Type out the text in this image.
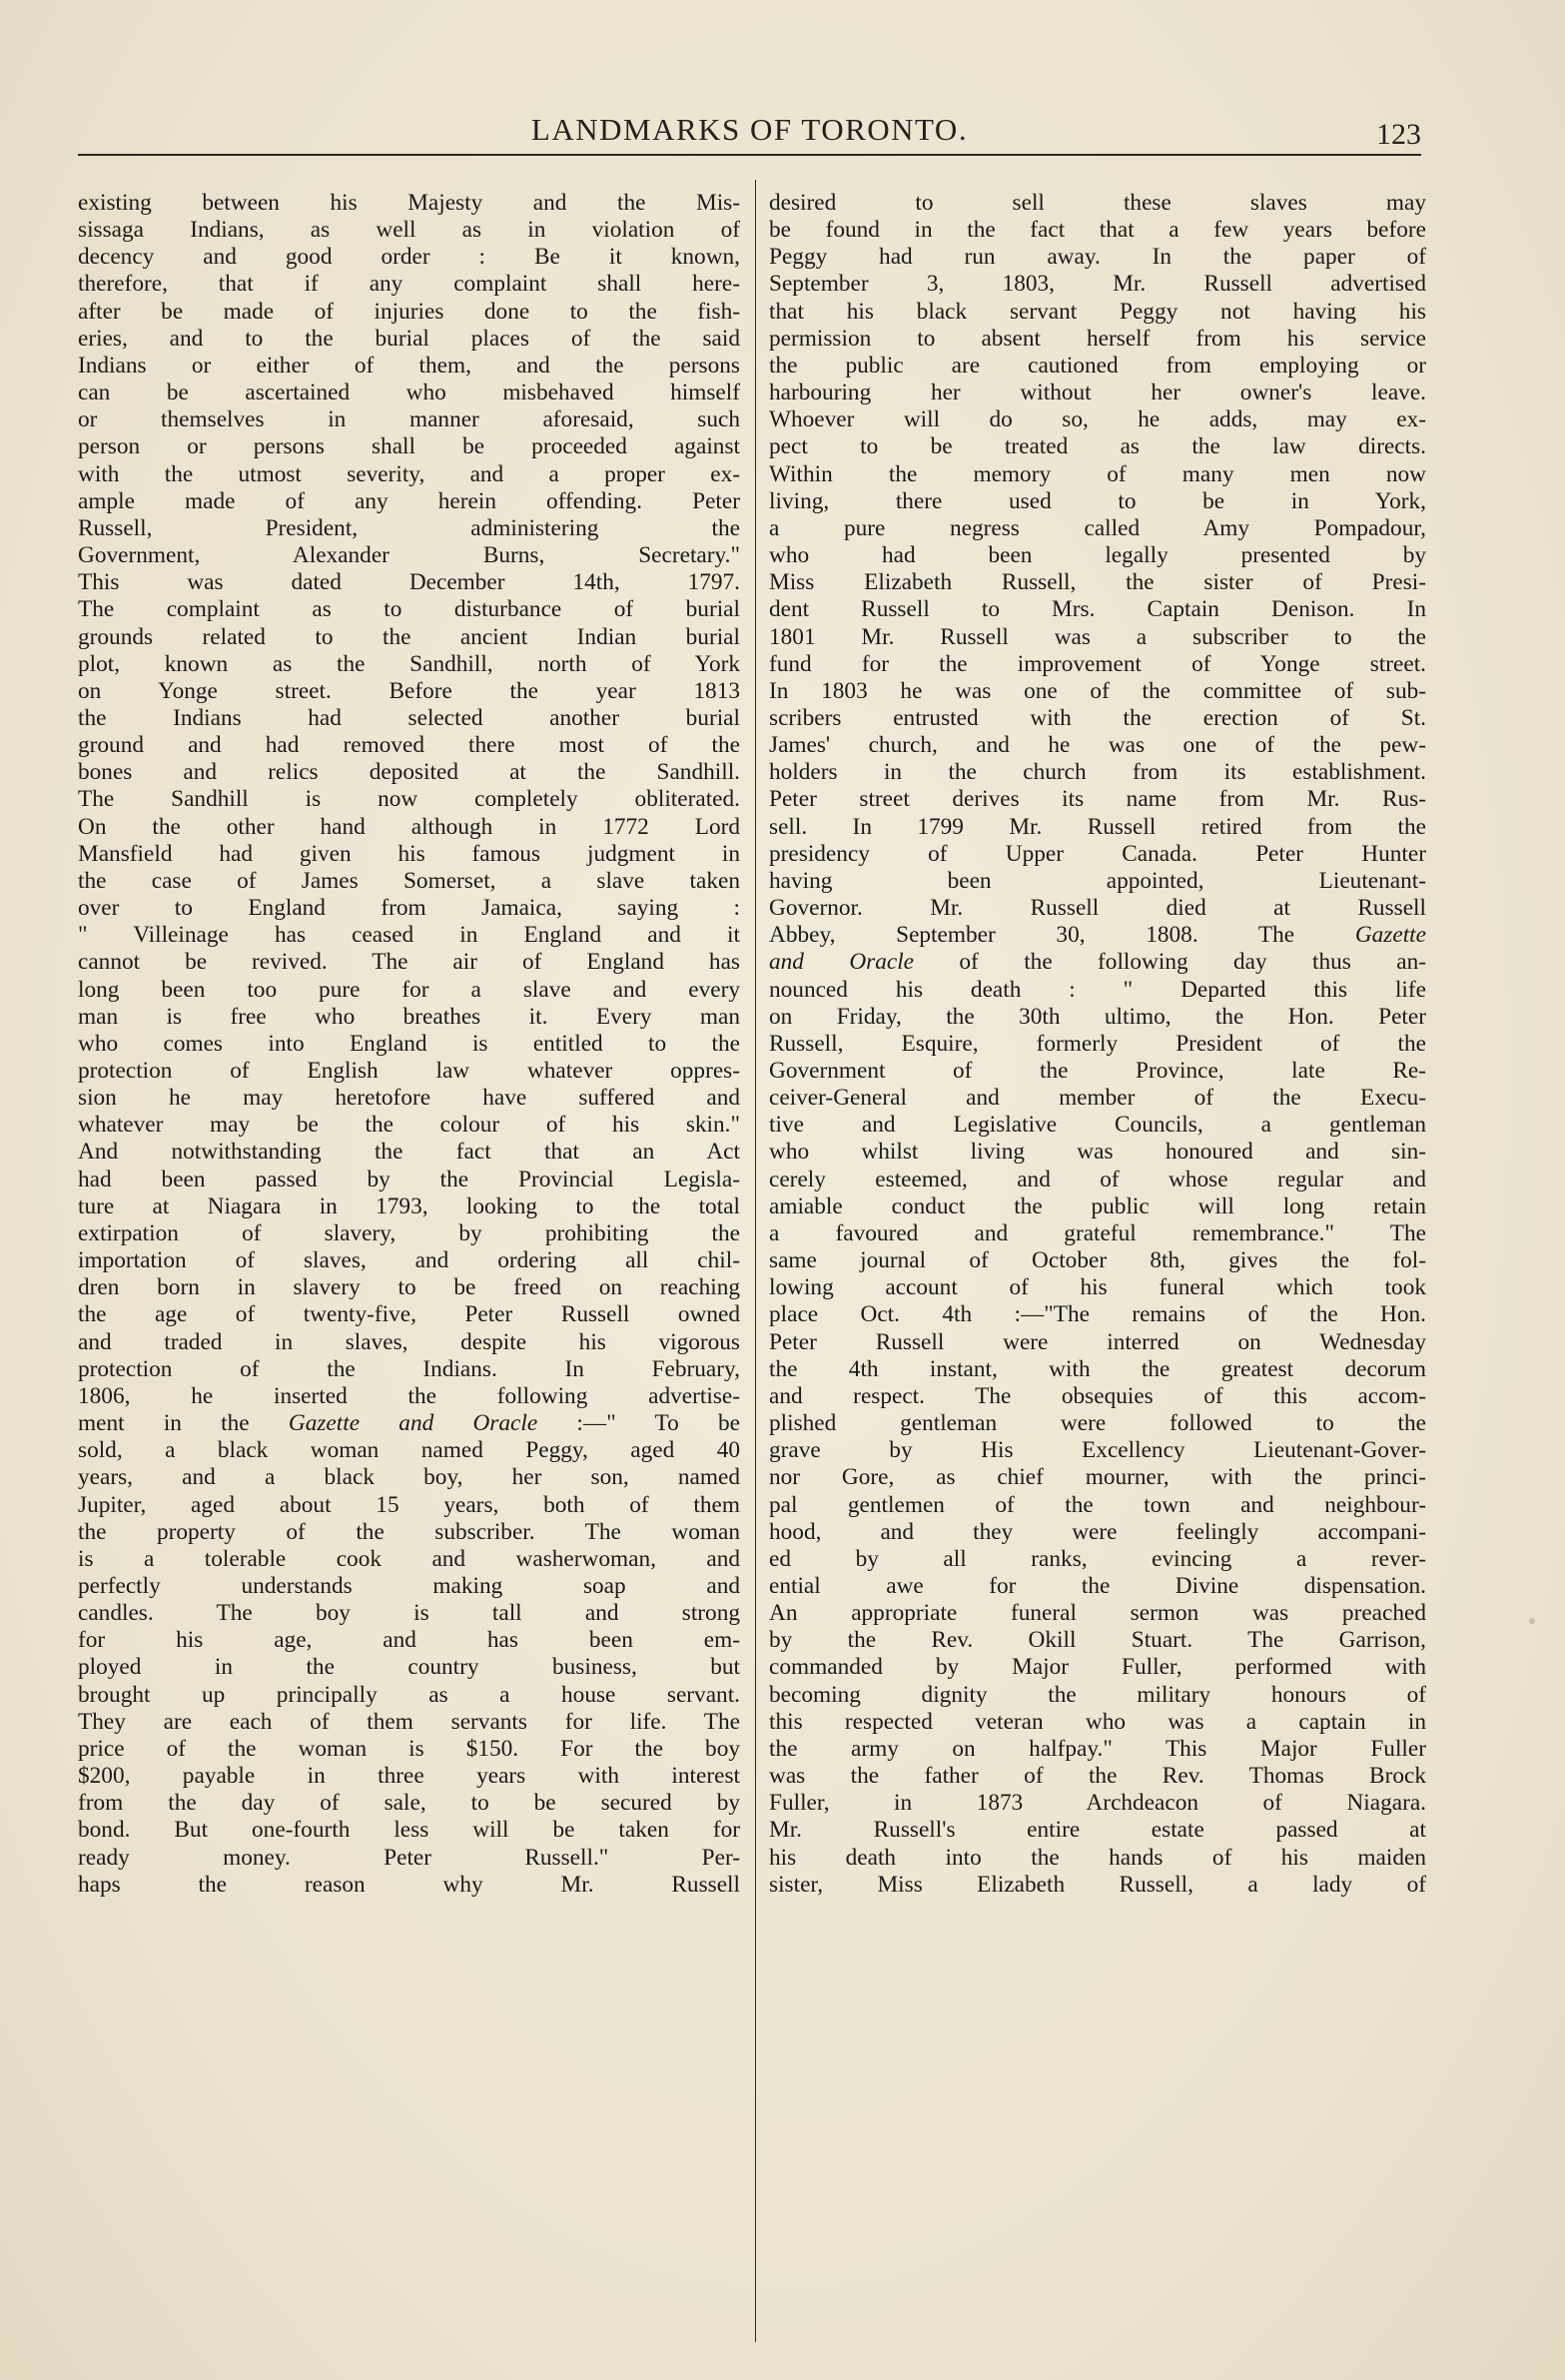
LANDMARKS OF TORONTO.	123
existing between his Majesty and the Mis-
sissaga Indians, as well as in violation of
decency and good order : Be it known,
therefore, that if any complaint shall here-
after be made of injuries done to the fish-
eries, and to the burial places of the said
Indians or either of them, and the persons
can be ascertained who misbehaved himself
or themselves in manner aforesaid, such
person or persons shall be proceeded against
with the utmost severity, and a proper ex-
ample made of any herein offending. Peter
Russell, President, administering the
Government, Alexander Burns, Secretary."
This was dated December 14th, 1797.
The complaint as to disturbance of burial
grounds related to the ancient Indian burial
plot, known as the Sandhill, north of York
on Yonge street. Before the year 1813
the Indians had selected another burial
ground and had removed there most of the
bones and relics deposited at the Sandhill.
The Sandhill is now completely obliterated.
On the other hand although in 1772 Lord
Mansfield had given his famous judgment in
the case of James Somerset, a slave taken
over to England from Jamaica, saying :
" Villeinage has ceased in England and it
cannot be revived. The air of England has
long been too pure for a slave and every
man is free who breathes it. Every man
who comes into England is entitled to the
protection of English law whatever oppres-
sion he may heretofore have suffered and
whatever may be the colour of his skin."
And notwithstanding the fact that an Act
had been passed by the Provincial Legisla-
ture at Niagara in 1793, looking to the total
extirpation of slavery, by prohibiting the
importation of slaves, and ordering all chil-
dren born in slavery to be freed on reaching
the age of twenty-five, Peter Russell owned
and traded in slaves, despite his vigorous
protection of the Indians. In February,
1806, he inserted the following advertise-
ment in the Gazette and Oracle :—" To be
sold, a black woman named Peggy, aged 40
years, and a black boy, her son, named
Jupiter, aged about 15 years, both of them
the property of the subscriber. The woman
is a tolerable cook and washerwoman, and
perfectly understands making soap and
candles. The boy is tall and strong
for his age, and has been em-
ployed in the country business, but
brought up principally as a house servant.
They are each of them servants for life. The
price of the woman is $150. For the boy
$200, payable in three years with interest
from the day of sale, to be secured by
bond. But one-fourth less will be taken for
ready money. Peter Russell." Per-
haps the reason why Mr. Russell
desired to sell these slaves may
be found in the fact that a few years before
Peggy had run away. In the paper of
September 3, 1803, Mr. Russell advertised
that his black servant Peggy not having his
permission to absent herself from his service
the public are cautioned from employing or
harbouring her without her owner's leave.
Whoever will do so, he adds, may ex-
pect to be treated as the law directs.
Within the memory of many men now
living, there used to be in York,
a pure negress called Amy Pompadour,
who had been legally presented by
Miss Elizabeth Russell, the sister of Presi-
dent Russell to Mrs. Captain Denison. In
1801 Mr. Russell was a subscriber to the
fund for the improvement of Yonge street.
In 1803 he was one of the committee of sub-
scribers entrusted with the erection of St.
James' church, and he was one of the pew-
holders in the church from its establishment.
Peter street derives its name from Mr. Rus-
sell. In 1799 Mr. Russell retired from the
presidency of Upper Canada. Peter Hunter
having been appointed, Lieutenant-
Governor. Mr. Russell died at Russell
Abbey, September 30, 1808. The	Gazette
and Oracle of the following day thus an-
nounced his death : " Departed this life
on Friday, the 30th ultimo, the Hon. Peter
Russell, Esquire, formerly President of the
Government of the Province, late Re-
ceiver-General and member of the Execu-
tive and Legislative Councils, a gentleman
who whilst living was honoured and sin-
cerely esteemed, and of whose regular and
amiable conduct the public will long retain
a favoured and grateful remembrance." The
same journal of October 8th, gives the fol-
lowing account of his funeral which took
place Oct. 4th :—"The remains of the Hon.
Peter Russell were interred on Wednesday
the 4th instant, with the greatest decorum
and respect. The obsequies of this accom-
plished gentleman were followed to the
grave by His Excellency Lieutenant-Gover-
nor Gore, as chief mourner, with the princi-
pal gentlemen of the town and neighbour-
hood, and they were feelingly accompani-
ed by all ranks, evincing a rever-
ential awe for the Divine dispensation.
An appropriate funeral sermon was preached
by the Rev. Okill Stuart. The Garrison,
commanded by Major Fuller, performed with
becoming dignity the military honours of
this respected veteran who was a captain in
the army on halfpay." This Major Fuller
was the father of the Rev. Thomas Brock
Fuller, in 1873 Archdeacon of Niagara.
Mr. Russell's entire estate passed at
his death into the hands of his maiden
sister, Miss Elizabeth Russell, a lady of
